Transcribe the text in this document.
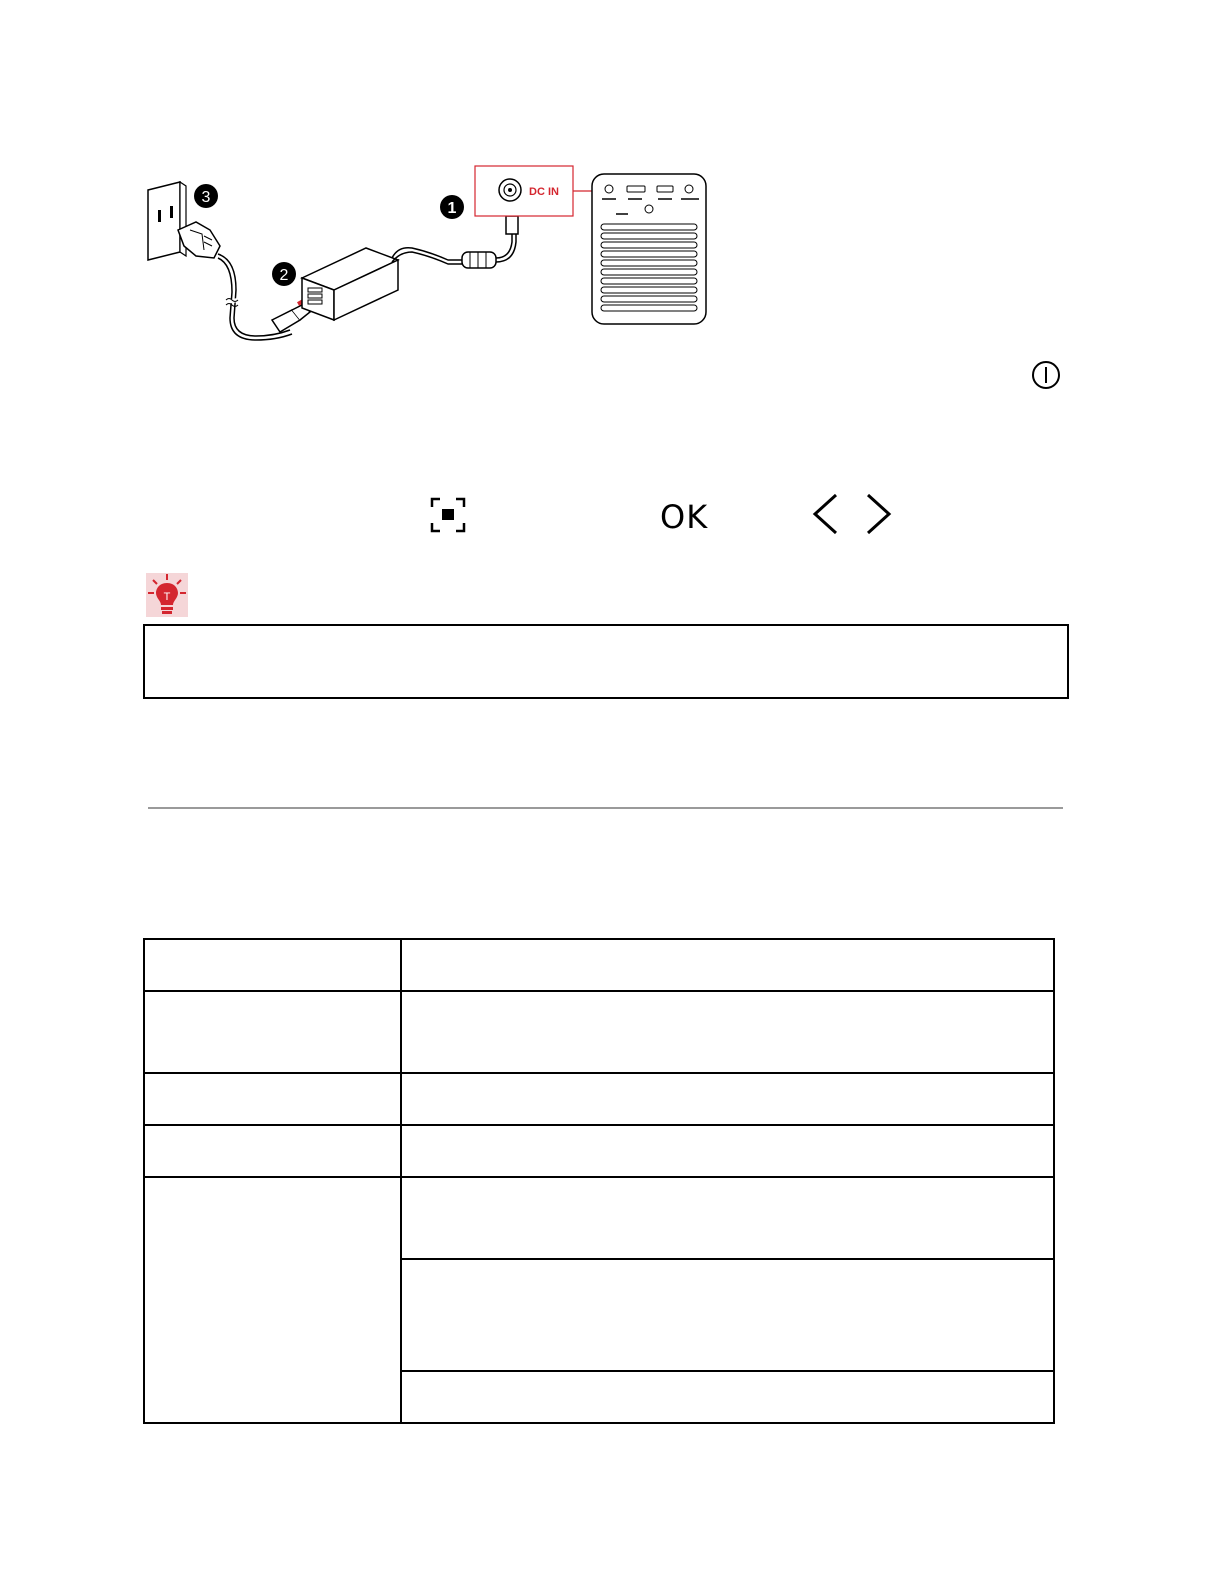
DC IN
1
2
3
OK
T
